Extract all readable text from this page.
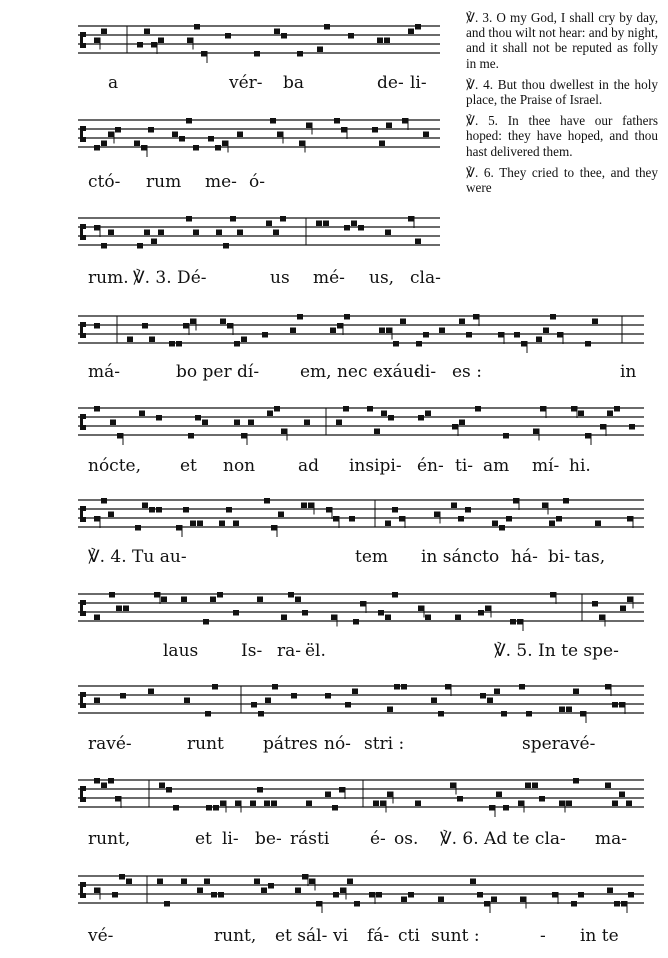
a	vér- ba	de- li-
ctó- rum me- ó-
rum. ℣. 3. Dé-	us mé- us, cla-
má-	bo per dí- em, nec exáu-
di- es :	in
nócte, et non	ad insipi- én- ti- am mí- hi.
℣. 4. Tu au-	tem in sáncto há- bi- tas,
laus	Is- ra- ël.	℣. 5. In te spe-
ravé-	runt pátres nó- stri :	speravé-
runt,	et li- be- rásti é- os. ℣. 6. Ad te cla- ma-
vé-	runt, et sál- vi fá- cti sunt :	- in te

℣. 3. O my God, I shall cry by day, and thou wilt not hear: and by night, and it shall not be reputed as folly in me.

℣. 4. But thou dwellest in the holy place, the Praise of Israel.

℣. 5. In thee have our fathers hoped: they have hoped, and thou hast delivered them.

℣. 6. They cried to thee, and they were
